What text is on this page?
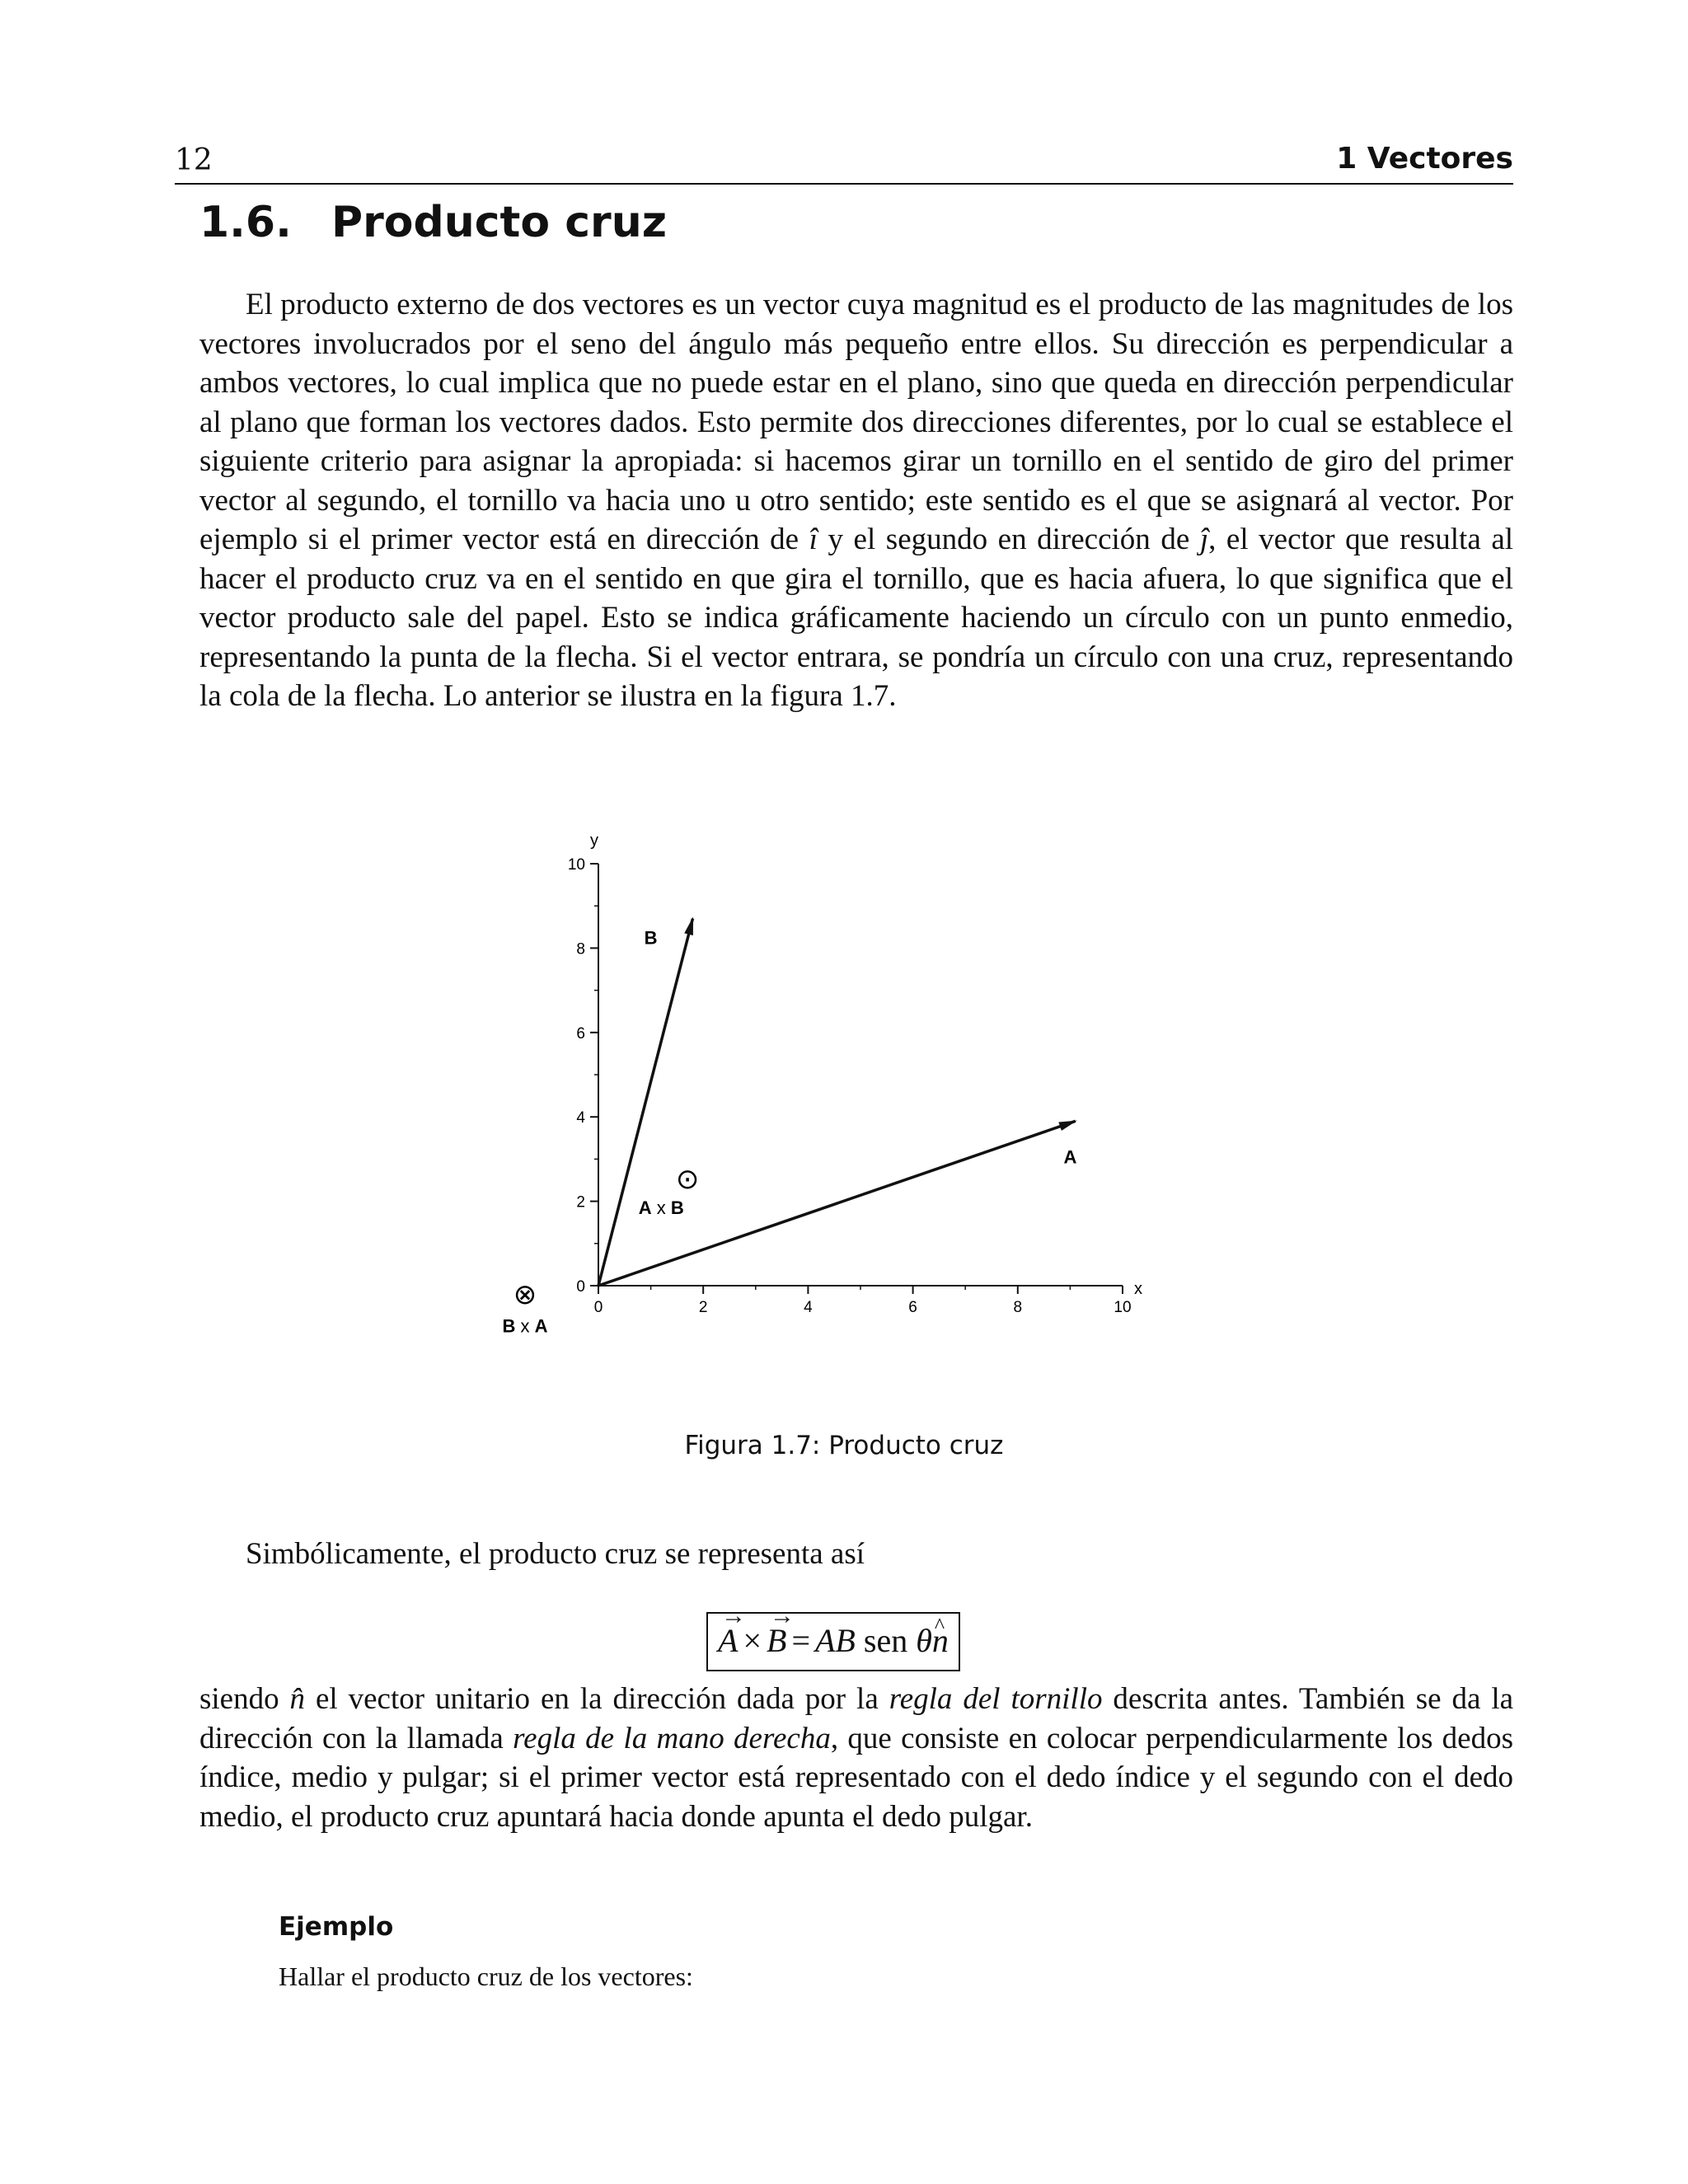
12	1 Vectores
1.6. Producto cruz

El producto externo de dos vectores es un vector cuya magnitud es el producto de las magnitudes de los vectores involucrados por el seno del ángulo más pequeño entre ellos. Su dirección es perpendicular a ambos vectores, lo cual implica que no puede estar en el plano, sino que queda en dirección perpendicular al plano que forman los vectores dados. Esto permite dos direcciones diferentes, por lo cual se establece el siguiente criterio para asignar la apropiada: si hacemos girar un tornillo en el sentido de giro del primer vector al segundo, el tornillo va hacia uno u otro sentido; este sentido es el que se asignará al vector. Por ejemplo si el primer vector está en dirección de î y el segundo en dirección de ĵ, el vector que resulta al hacer el producto cruz va en el sentido en que gira el tornillo, que es hacia afuera, lo que significa que el vector producto sale del papel. Esto se indica gráficamente haciendo un círculo con un punto enmedio, representando la punta de la flecha. Si el vector entrara, se pondría un círculo con una cruz, representando la cola de la flecha. Lo anterior se ilustra en la figura 1.7.

x
y
0	2	4	6	8	10
0
2
4
6
8
10
A
B
⊙
A x B
⊗
B x A
Figura 1.7: Producto cruz

Simbólicamente, el producto cruz se representa así

→ A ×→ B = AB sen θ^ n

siendo n̂ el vector unitario en la dirección dada por la regla del tornillo descrita antes. También se da la dirección con la llamada regla de la mano derecha, que consiste en colocar perpendicularmente los dedos índice, medio y pulgar; si el primer vector está representado con el dedo índice y el segundo con el dedo medio, el producto cruz apuntará hacia donde apunta el dedo pulgar.

Ejemplo
Hallar el producto cruz de los vectores:
